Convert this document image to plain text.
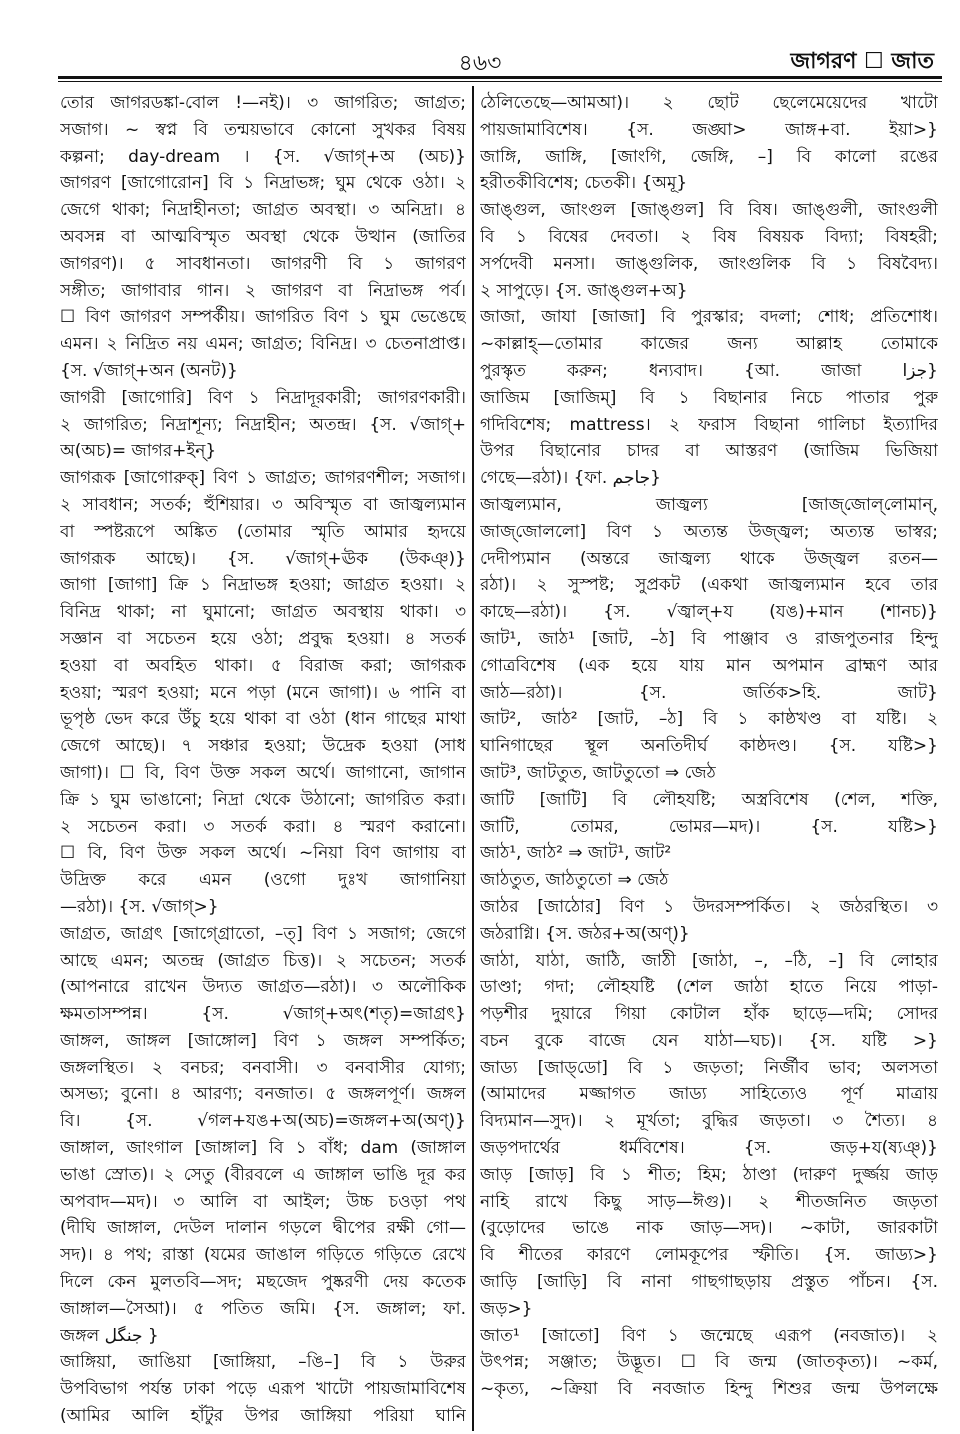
৪৬৩	জাগরণ ☐ জাত
তোর জাগরডঙ্কা-বোল !—নই)। ৩ জাগরিত; জাগ্রত;
সজাগ। ~ স্বপ্ন বি তন্ময়ভাবে কোনো সুখকর বিষয়
কল্পনা; day-dream । {স. √জাগ্+অ (অচ)}
জাগরণ [জাগোরোন] বি ১ নিদ্রাভঙ্গ; ঘুম থেকে ওঠা। ২
জেগে থাকা; নিদ্রাহীনতা; জাগ্রত অবস্থা। ৩ অনিদ্রা। ৪
অবসন্ন বা আত্মবিস্মৃত অবস্থা থেকে উত্থান (জাতির
জাগরণ)। ৫ সাবধানতা। জাগরণী বি ১ জাগরণ
সঙ্গীত; জাগাবার গান। ২ জাগরণ বা নিদ্রাভঙ্গ পর্ব।
☐ বিণ জাগরণ সম্পর্কীয়। জাগরিত বিণ ১ ঘুম ভেঙেছে
এমন। ২ নিদ্রিত নয় এমন; জাগ্রত; বিনিদ্র। ৩ চেতনাপ্রাপ্ত।
{স. √জাগ্+অন (অনট)}
জাগরী [জাগোরি] বিণ ১ নিদ্রাদূরকারী; জাগরণকারী।
২ জাগরিত; নিদ্রাশূন্য; নিদ্রাহীন; অতন্দ্র। {স. √জাগ্+
অ(অচ)= জাগর+ইন্}
জাগরূক [জাগোরুক্] বিণ ১ জাগ্রত; জাগরণশীল; সজাগ।
২ সাবধান; সতর্ক; হুঁশিয়ার। ৩ অবিস্মৃত বা জাজ্বল্যমান
বা স্পষ্টরূপে অঙ্কিত (তোমার স্মৃতি আমার হৃদয়ে
জাগরূক আছে)। {স. √জাগ্+ঊক (উকঞ্)}
জাগা [জাগা] ক্রি ১ নিদ্রাভঙ্গ হওয়া; জাগ্রত হওয়া। ২
বিনিদ্র থাকা; না ঘুমানো; জাগ্রত অবস্থায় থাকা। ৩
সজ্ঞান বা সচেতন হয়ে ওঠা; প্রবুদ্ধ হওয়া। ৪ সতর্ক
হওয়া বা অবহিত থাকা। ৫ বিরাজ করা; জাগরূক
হওয়া; স্মরণ হওয়া; মনে পড়া (মনে জাগা)। ৬ পানি বা
ভূপৃষ্ঠ ভেদ করে উঁচু হয়ে থাকা বা ওঠা (ধান গাছের মাথা
জেগে আছে)। ৭ সঞ্চার হওয়া; উদ্রেক হওয়া (সাধ
জাগা)। ☐ বি, বিণ উক্ত সকল অর্থে। জাগানো, জাগান
ক্রি ১ ঘুম ভাঙানো; নিদ্রা থেকে উঠানো; জাগরিত করা।
২ সচেতন করা। ৩ সতর্ক করা। ৪ স্মরণ করানো।
☐ বি, বিণ উক্ত সকল অর্থে। ~নিয়া বিণ জাগায় বা
উদ্রিক্ত করে এমন (ওগো দুঃখ জাগানিয়া
—রঠা)। {স. √জাগ্>}
জাগ্রত, জাগ্রৎ [জাগ্গ্রোতো, –ত্] বিণ ১ সজাগ; জেগে
আছে এমন; অতন্দ্র (জাগ্রত চিত্ত)। ২ সচেতন; সতর্ক
(আপনারে রাখেন উদ্যত জাগ্রত—রঠা)। ৩ অলৌকিক
ক্ষমতাসম্পন্ন। {স. √জাগ্+অৎ(শতৃ)=জাগ্রৎ}
জাঙ্গল, জাঙ্গল [জাঙ্গোল] বিণ ১ জঙ্গল সম্পর্কিত;
জঙ্গলস্থিত। ২ বনচর; বনবাসী। ৩ বনবাসীর যোগ্য;
অসভ্য; বুনো। ৪ আরণ্য; বনজাত। ৫ জঙ্গলপূর্ণ। জঙ্গল
বি। {স. √গল+যঙ+অ(অচ)=জঙ্গল+অ(অণ্)}
জাঙ্গাল, জাংগাল [জাঙ্গাল] বি ১ বাঁধ; dam (জাঙ্গাল
ভাঙা স্রোত)। ২ সেতু (বীরবলে এ জাঙ্গাল ভাঙি দূর কর
অপবাদ—মদ)। ৩ আলি বা আইল; উচ্চ চওড়া পথ
(দীঘি জাঙ্গাল, দেউল দালান গড়লে দ্বীপের রক্ষী গো—
সদ)। ৪ পথ; রাস্তা (যমের জাঙাল গড়িতে গড়িতে রেখে
দিলে কেন মুলতবি—সদ; মছজেদ পুষ্করণী দেয় কতেক
জাঙ্গাল—সৈআ)। ৫ পতিত জমি। {স. জঙ্গাল; ফা.
জঙ্গল جنگل }
জাঙ্গিয়া, জাঙিয়া [জাঙ্গিয়া, –ঙি–] বি ১ উরুর
উপবিভাগ পর্যন্ত ঢাকা পড়ে এরূপ খাটো পায়জামাবিশেষ
(আমির আলি হাঁটুর উপর জাঙ্গিয়া পরিয়া ঘানি
ঠেলিতেছে—আমআ)। ২ ছোট ছেলেমেয়েদের খাটো
পায়জামাবিশেষ। {স. জঙ্ঘা> জাঙ্গ+বা. ইয়া>}
জাঙ্গি, জাঙ্গি, [জাংগি, জেঙ্গি, –] বি কালো রঙের
হরীতকীবিশেষ; চেতকী। {অমূ}
জাঙ্গুল, জাংগুল [জাঙ্গুল] বি বিষ। জাঙ্গুলী, জাংগুলী
বি ১ বিষের দেবতা। ২ বিষ বিষয়ক বিদ্যা; বিষহরী;
সর্পদেবী মনসা। জাঙ্গুলিক, জাংগুলিক বি ১ বিষবৈদ্য।
২ সাপুড়ে। {স. জাঙ্গুল+অ}
জাজা, জাযা [জাজা] বি পুরস্কার; বদলা; শোধ; প্রতিশোধ।
~কাল্লাহ্—তোমার কাজের জন্য আল্লাহ তোমাকে
পুরস্কৃত করুন; ধন্যবাদ। {আ. জাজা جزا}
জাজিম [জাজিম্] বি ১ বিছানার নিচে পাতার পুরু
গদিবিশেষ; mattress। ২ ফরাস বিছানা গালিচা ইত্যাদির
উপর বিছানোর চাদর বা আস্তরণ (জাজিম ভিজিয়া
গেছে—রঠা)। {ফা. جاجم}
জাজ্বল্যমান, জাজ্বল্য [জাজ্‌জোল্‌লোমান্,
জাজ্‌জোললো] বিণ ১ অত্যন্ত উজ্জ্বল; অত্যন্ত ভাস্বর;
দেদীপ্যমান (অন্তরে জাজ্বল্য থাকে উজ্জ্বল রতন—
রঠা)। ২ সুস্পষ্ট; সুপ্রকট (একথা জাজ্বল্যমান হবে তার
কাছে—রঠা)। {স. √জ্বাল্+য (যঙ)+মান (শানচ)}
জাট¹, জাঠ¹ [জাট, –ঠ] বি পাঞ্জাব ও রাজপুতনার হিন্দু
গোত্রবিশেষ (এক হয়ে যায় মান অপমান ব্রাহ্মণ আর
জাঠ—রঠা)। {স. জর্তিক>হি. জাট}
জাট², জাঠ² [জাট, –ঠ] বি ১ কাষ্ঠখণ্ড বা যষ্টি। ২
ঘানিগাছের স্থূল অনতিদীর্ঘ কাষ্ঠদণ্ড। {স. যষ্টি>}
জাট³, জাটতুত, জাটতুতো ⇒ জেঠ
জাটি [জাটি] বি লৌহযষ্টি; অস্ত্রবিশেষ (শেল, শক্তি,
জাটি, তোমর, ভোমর—মদ)। {স. যষ্টি>}
জাঠ¹, জাঠ² ⇒ জাট¹, জাট²
জাঠতুত, জাঠতুতো ⇒ জেঠ
জাঠর [জাঠোর] বিণ ১ উদরসম্পর্কিত। ২ জঠরস্থিত। ৩
জঠরাগ্নি। {স. জঠর+অ(অণ্)}
জাঠা, যাঠা, জাঠি, জাঠী [জাঠা, –, –ঠি, –] বি লোহার
ডাণ্ডা; গদা; লৌহযষ্টি (শেল জাঠা হাতে নিয়ে পাড়া-
পড়শীর দুয়ারে গিয়া কোটাল হাঁক ছাড়ে—দমি; সোদর
বচন বুকে বাজে যেন যাঠা—ঘচ)। {স. যষ্টি >}
জাড্য [জাড্‌ডো] বি ১ জড়তা; নির্জীব ভাব; অলসতা
(আমাদের মজ্জাগত জাড্য সাহিত্যেও পূর্ণ মাত্রায়
বিদ্যমান—সুদ)। ২ মূর্খতা; বুদ্ধির জড়তা। ৩ শৈত্য। ৪
জড়পদার্থের ধর্মবিশেষ। {স. জড়+য(ষ্যঞ্)}
জাড় [জাড়] বি ১ শীত; হিম; ঠাণ্ডা (দারুণ দুর্জ্জয় জাড়
নাহি রাখে কিছু সাড়—ঈগু)। ২ শীতজনিত জড়তা
(বুড়োদের ভাঙে নাক জাড়—সদ)। ~কাটা, জারকাটা
বি শীতের কারণে লোমকূপের স্ফীতি। {স. জাড্য>}
জাড়ি [জাড়ি] বি নানা গাছগাছড়ায় প্রস্তুত পাঁচন। {স.
জড়>}
জাত¹ [জাতো] বিণ ১ জন্মেছে এরূপ (নবজাত)। ২
উৎপন্ন; সঞ্জাত; উদ্ভূত। ☐ বি জন্ম (জাতকৃত্য)। ~কর্ম,
~কৃত্য, ~ক্রিয়া বি নবজাত হিন্দু শিশুর জন্ম উপলক্ষে
